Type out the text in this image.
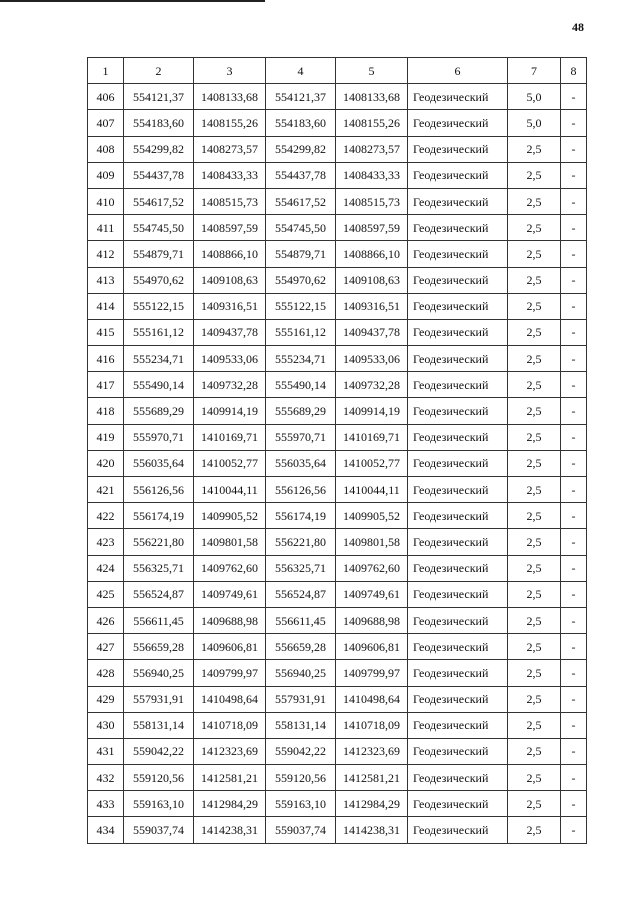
48
1	2	3	4	5	6	7	8
406	554121,37	1408133,68	554121,37	1408133,68	Геодезический	5,0	-
407	554183,60	1408155,26	554183,60	1408155,26	Геодезический	5,0	-
408	554299,82	1408273,57	554299,82	1408273,57	Геодезический	2,5	-
409	554437,78	1408433,33	554437,78	1408433,33	Геодезический	2,5	-
410	554617,52	1408515,73	554617,52	1408515,73	Геодезический	2,5	-
411	554745,50	1408597,59	554745,50	1408597,59	Геодезический	2,5	-
412	554879,71	1408866,10	554879,71	1408866,10	Геодезический	2,5	-
413	554970,62	1409108,63	554970,62	1409108,63	Геодезический	2,5	-
414	555122,15	1409316,51	555122,15	1409316,51	Геодезический	2,5	-
415	555161,12	1409437,78	555161,12	1409437,78	Геодезический	2,5	-
416	555234,71	1409533,06	555234,71	1409533,06	Геодезический	2,5	-
417	555490,14	1409732,28	555490,14	1409732,28	Геодезический	2,5	-
418	555689,29	1409914,19	555689,29	1409914,19	Геодезический	2,5	-
419	555970,71	1410169,71	555970,71	1410169,71	Геодезический	2,5	-
420	556035,64	1410052,77	556035,64	1410052,77	Геодезический	2,5	-
421	556126,56	1410044,11	556126,56	1410044,11	Геодезический	2,5	-
422	556174,19	1409905,52	556174,19	1409905,52	Геодезический	2,5	-
423	556221,80	1409801,58	556221,80	1409801,58	Геодезический	2,5	-
424	556325,71	1409762,60	556325,71	1409762,60	Геодезический	2,5	-
425	556524,87	1409749,61	556524,87	1409749,61	Геодезический	2,5	-
426	556611,45	1409688,98	556611,45	1409688,98	Геодезический	2,5	-
427	556659,28	1409606,81	556659,28	1409606,81	Геодезический	2,5	-
428	556940,25	1409799,97	556940,25	1409799,97	Геодезический	2,5	-
429	557931,91	1410498,64	557931,91	1410498,64	Геодезический	2,5	-
430	558131,14	1410718,09	558131,14	1410718,09	Геодезический	2,5	-
431	559042,22	1412323,69	559042,22	1412323,69	Геодезический	2,5	-
432	559120,56	1412581,21	559120,56	1412581,21	Геодезический	2,5	-
433	559163,10	1412984,29	559163,10	1412984,29	Геодезический	2,5	-
434	559037,74	1414238,31	559037,74	1414238,31	Геодезический	2,5	-
